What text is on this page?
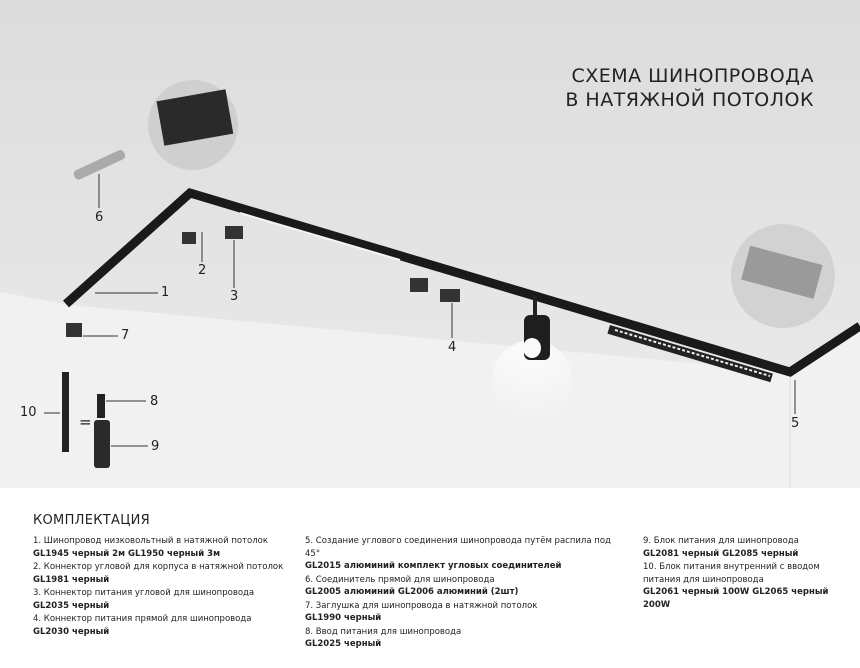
СХЕМА ШИНОПРОВОДА
В НАТЯЖНОЙ ПОТОЛОК
1
2
3
4
5
6
7
8
9
10
=
КОМПЛЕКТАЦИЯ
1. Шинопровод низковольтный в натяжной потолок
GL1945 черный 2м GL1950 черный 3м
2. Коннектор угловой для корпуса в натяжной потолок
GL1981 черный
3. Коннектор питания угловой для шинопровода
GL2035 черный
4. Коннектор питания прямой для шинопровода
GL2030 черный
5. Создание углового соединения шинопровода путём распила под 45°
GL2015 алюминий комплект угловых соединителей
6. Соединитель прямой для шинопровода
GL2005 алюминий GL2006 алюминий (2шт)
7. Заглушка для шинопровода в натяжной потолок
GL1990 черный
8. Ввод питания для шинопровода
GL2025 черный
9. Блок питания для шинопровода
GL2081 черный GL2085 черный
10. Блок питания внутренний с вводом питания для шинопровода
GL2061 черный 100W GL2065 черный 200W
